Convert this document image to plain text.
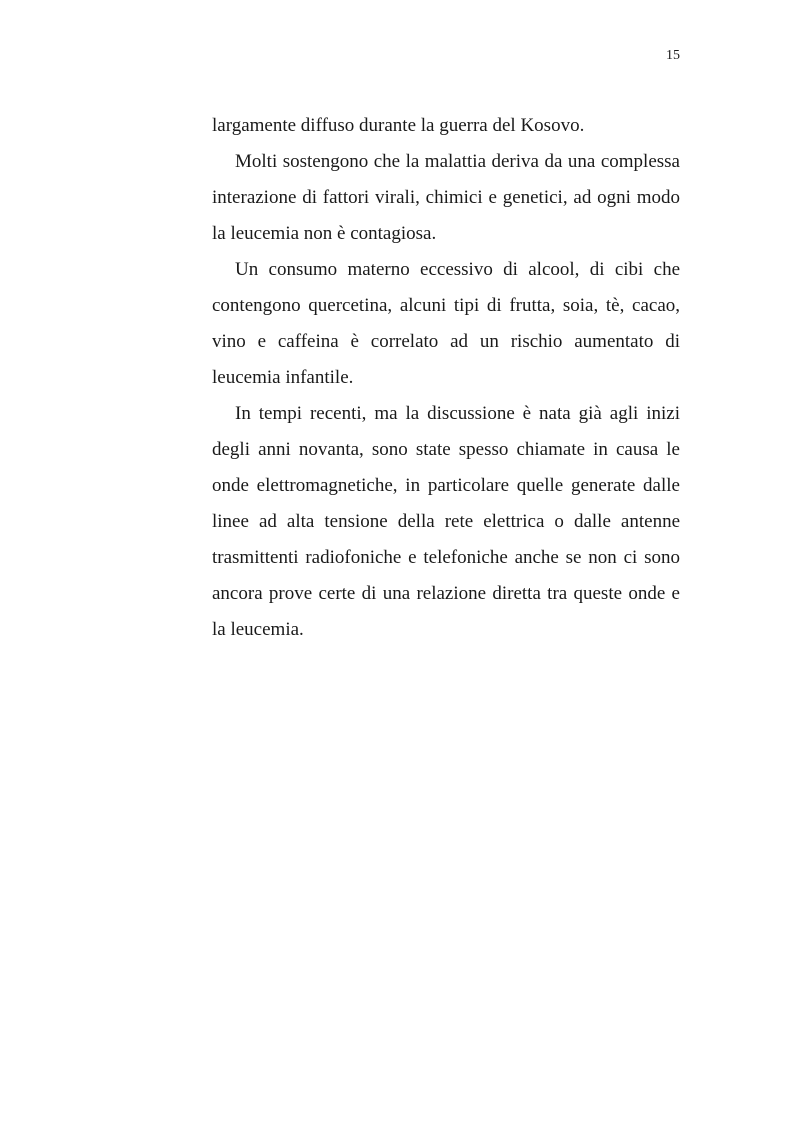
15

largamente diffuso durante la guerra del Kosovo.

Molti sostengono che la malattia deriva da una complessa interazione di fattori virali, chimici e genetici, ad ogni modo la leucemia non è contagiosa.

Un consumo materno eccessivo di alcool, di cibi che contengono quercetina, alcuni tipi di frutta, soia, tè, cacao, vino e caffeina è correlato ad un rischio aumentato di leucemia infantile.

In tempi recenti, ma la discussione è nata già agli inizi degli anni novanta, sono state spesso chiamate in causa le onde elettromagnetiche, in particolare quelle generate dalle linee ad alta tensione della rete elettrica o dalle antenne trasmittenti radiofoniche e telefoniche anche se non ci sono ancora prove certe di una relazione diretta tra queste onde e la leucemia.
